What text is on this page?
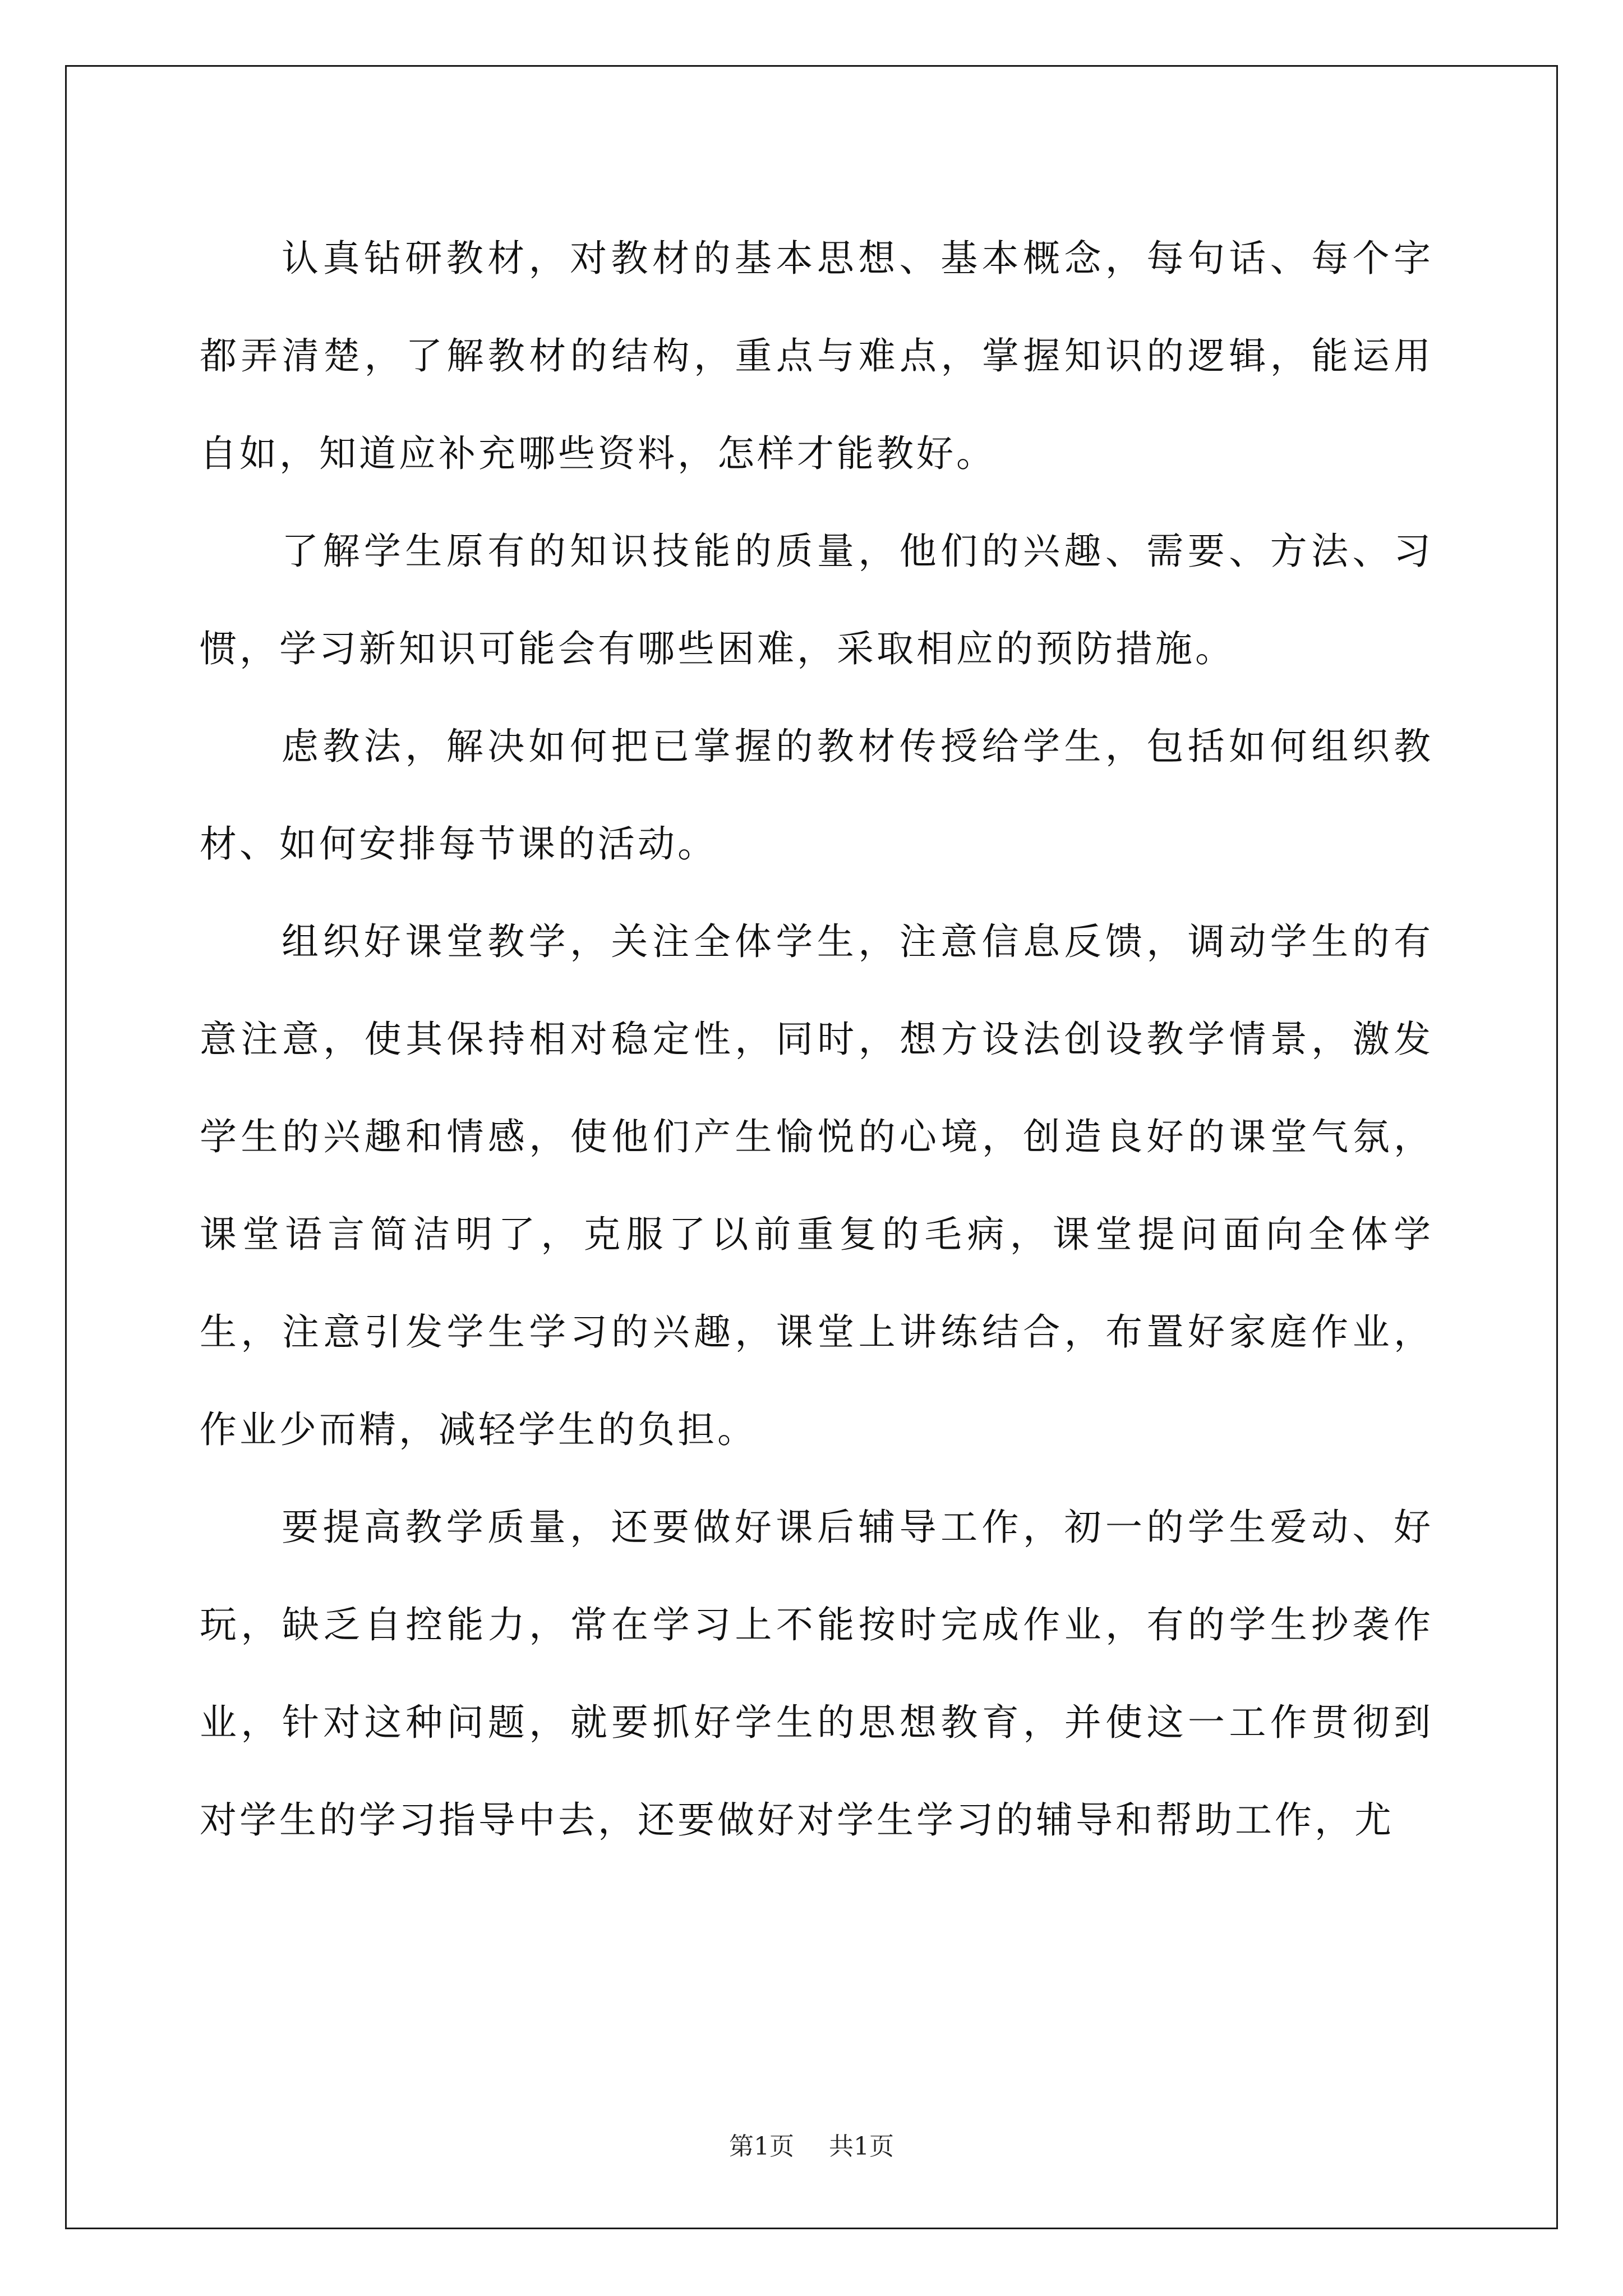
认真钻研教材，对教材的基本思想、基本概念，每句话、每个字都弄清楚，了解教材的结构，重点与难点，掌握知识的逻辑，能运用自如，知道应补充哪些资料，怎样才能教好。

了解学生原有的知识技能的质量，他们的兴趣、需要、方法、习惯，学习新知识可能会有哪些困难，采取相应的预防措施。

虑教法，解决如何把已掌握的教材传授给学生，包括如何组织教材、如何安排每节课的活动。

组织好课堂教学，关注全体学生，注意信息反馈，调动学生的有意注意，使其保持相对稳定性，同时，想方设法创设教学情景，激发学生的兴趣和情感，使他们产生愉悦的心境，创造良好的课堂气氛，课堂语言简洁明了，克服了以前重复的毛病，课堂提问面向全体学生，注意引发学生学习的兴趣，课堂上讲练结合，布置好家庭作业，作业少而精，减轻学生的负担。

要提高教学质量，还要做好课后辅导工作，初一的学生爱动、好玩，缺乏自控能力，常在学习上不能按时完成作业，有的学生抄袭作业，针对这种问题，就要抓好学生的思想教育，并使这一工作贯彻到对学生的学习指导中去，还要做好对学生学习的辅导和帮助工作，尤

第1页 共1页
